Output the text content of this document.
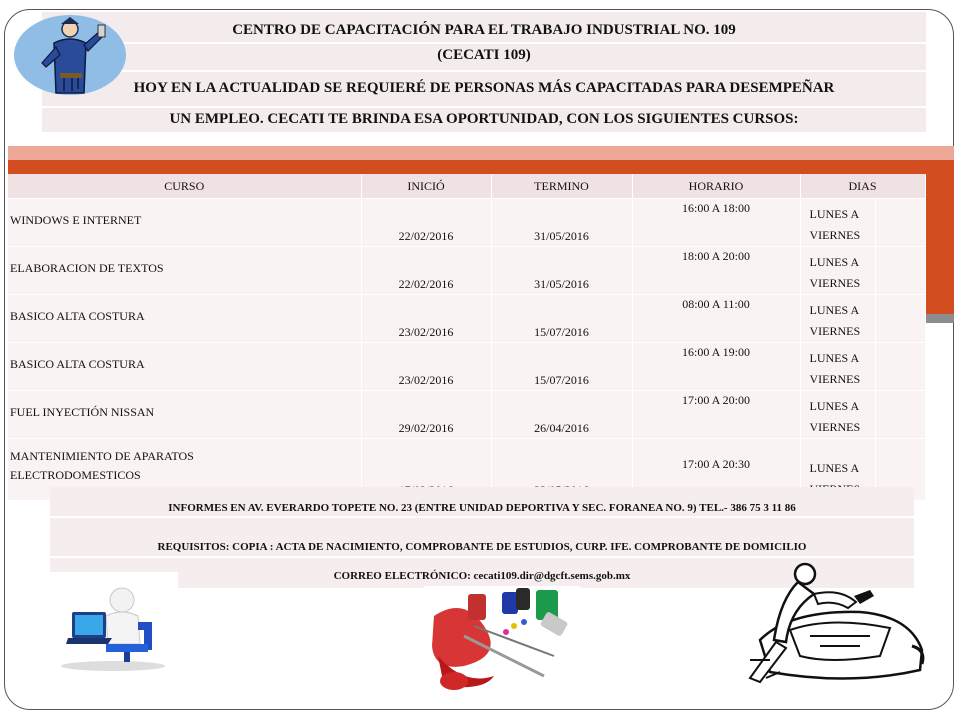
CENTRO DE CAPACITACIÓN PARA EL TRABAJO INDUSTRIAL NO. 109
(CECATI 109)
HOY EN LA ACTUALIDAD SE REQUIERÉ DE PERSONAS MÁS CAPACITADAS PARA DESEMPEÑAR
UN EMPLEO. CECATI TE BRINDA ESA OPORTUNIDAD, CON LOS SIGUIENTES CURSOS:
CURSO	INICIÓ	TERMINO	HORARIO	DIAS	

WINDOWS E INTERNET	22/02/2016	31/05/2016	16:00 A 18:00	LUNES A
VIERNES	

ELABORACION DE TEXTOS	22/02/2016	31/05/2016	18:00 A 20:00	LUNES A
VIERNES	

BASICO ALTA COSTURA	23/02/2016	15/07/2016	08:00 A 11:00	LUNES A
VIERNES	

BASICO ALTA COSTURA	23/02/2016	15/07/2016	16:00 A 19:00	LUNES A
VIERNES	

FUEL INYECTIÓN NISSAN	29/02/2016	26/04/2016	17:00 A 20:00	LUNES A
VIERNES	

MANTENIMIENTO DE APARATOS
ELECTRODOMESTICOS			17:00 A 20:30	LUNES A	

INFORMES EN AV. EVERARDO TOPETE NO. 23 (ENTRE UNIDAD DEPORTIVA Y SEC. FORANEA NO. 9) TEL.- 386 75 3 11 86
REQUISITOS: COPIA : ACTA DE NACIMIENTO, COMPROBANTE DE ESTUDIOS, CURP. IFE. COMPROBANTE DE DOMICILIO
CORREO ELECTRÓNICO: cecati109.dir@dgcft.sems.gob.mx
